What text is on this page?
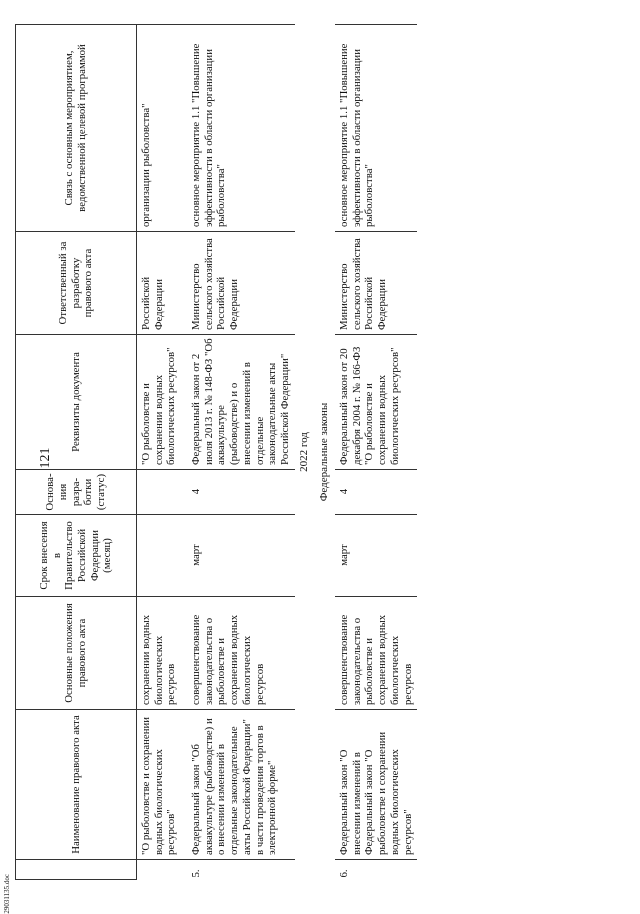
29031135.doc
121
	Наименование правового акта	Основные положения правового акта	Срок внесения в Правительство Российской Федерации (месяц)	Основа- ния разра- ботки (статус)	Реквизиты документа	Ответственный за разработку правового акта	Связь с основным мероприятием, ведомственной целевой программой
	"О рыболовстве и сохранении водных биологических ресурсов"	сохранении водных биологических ресурсов			"О рыболовстве и сохранении водных биологических ресурсов"	Российской Федерации	организации рыболовства"
5.	Федеральный закон "Об аквакультуре (рыбоводстве) и о внесении изменений в отдельные законодательные акты Российской Федерации" в части проведения торгов в электронной форме"	совершенствование законодательства о рыболовстве и сохранении водных биологических ресурсов	март	4	Федеральный закон от 2 июля 2013 г. № 148-ФЗ "Об аквакультуре (рыбоводстве) и о внесении изменений в отдельные законодательные акты Российской Федерации"	Министерство сельского хозяйства Российской Федерации	основное мероприятие 1.1 "Повышение эффективности в области организации рыболовства"
2022 год							
Федеральные законы							
6.	Федеральный закон "О внесении изменений в Федеральный закон "О рыболовстве и сохранении водных биологических ресурсов"	совершенствование законодательства о рыболовстве и сохранении водных биологических ресурсов	март	4	Федеральный закон от 20 декабря 2004 г. № 166-ФЗ "О рыболовстве и сохранении водных биологических ресурсов"	Министерство сельского хозяйства Российской Федерации	основное мероприятие 1.1 "Повышение эффективности в области организации рыболовства"
